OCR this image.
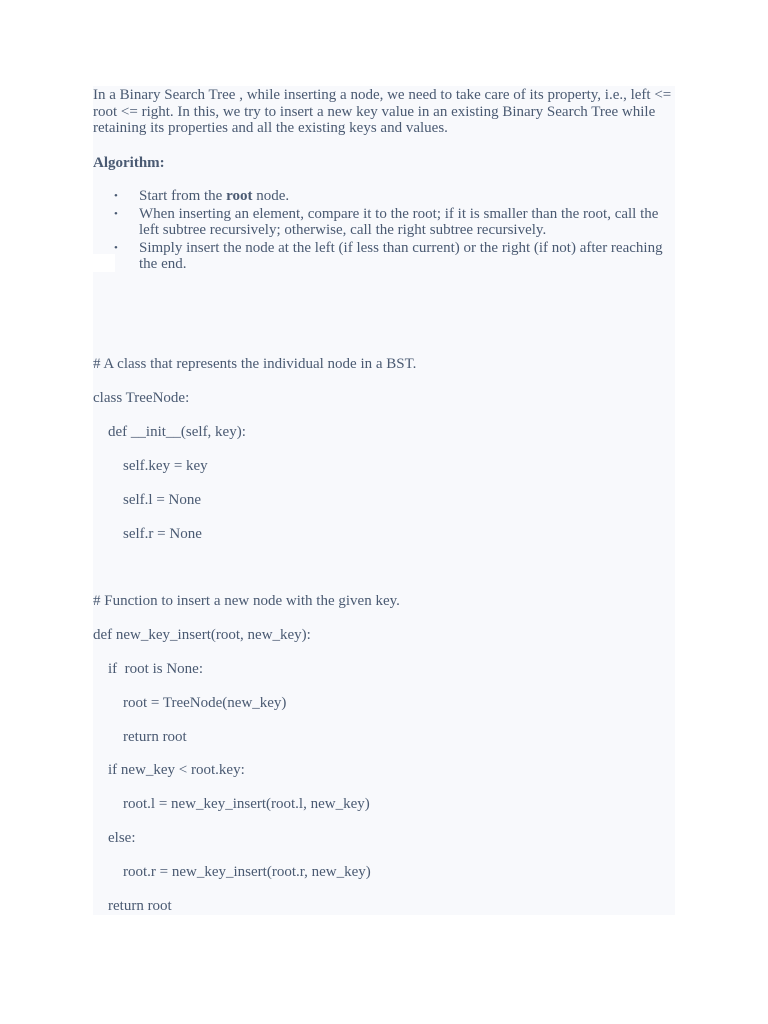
In a Binary Search Tree , while inserting a node, we need to take care of its property, i.e., left <= root <= right. In this, we try to insert a new key value in an existing Binary Search Tree while retaining its properties and all the existing keys and values.

Algorithm:

•	Start from the root node.
•	When inserting an element, compare it to the root; if it is smaller than the root, call the left subtree recursively; otherwise, call the right subtree recursively.
•	Simply insert the node at the left (if less than current) or the right (if not) after reaching the end.

# A class that represents the individual node in a BST.

class TreeNode:

def __init__(self, key):

self.key = key

self.l = None

self.r = None

# Function to insert a new node with the given key.

def new_key_insert(root, new_key):

if  root is None:

root = TreeNode(new_key)

return root

if new_key < root.key:

root.l = new_key_insert(root.l, new_key)

else:

root.r = new_key_insert(root.r, new_key)

return root
